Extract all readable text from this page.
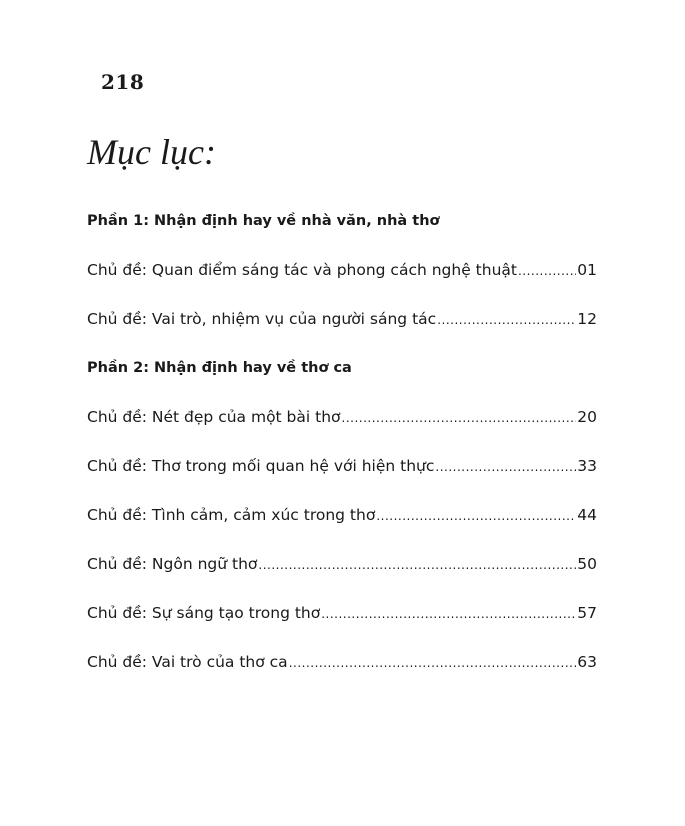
218
Mục lục:
Phần 1: Nhận định hay về nhà văn, nhà thơ
Chủ đề: Quan điểm sáng tác và phong cách nghệ thuật .....	01
Chủ đề: Vai trò, nhiệm vụ của người sáng tác .....	12
Phần 2: Nhận định hay về thơ ca
Chủ đề: Nét đẹp của một bài thơ .....	20
Chủ đề: Thơ trong mối quan hệ với hiện thực .....	33
Chủ đề: Tình cảm, cảm xúc trong thơ .....	44
Chủ đề: Ngôn ngữ thơ .....	50
Chủ đề: Sự sáng tạo trong thơ .....	57
Chủ đề: Vai trò của thơ ca .....	63
